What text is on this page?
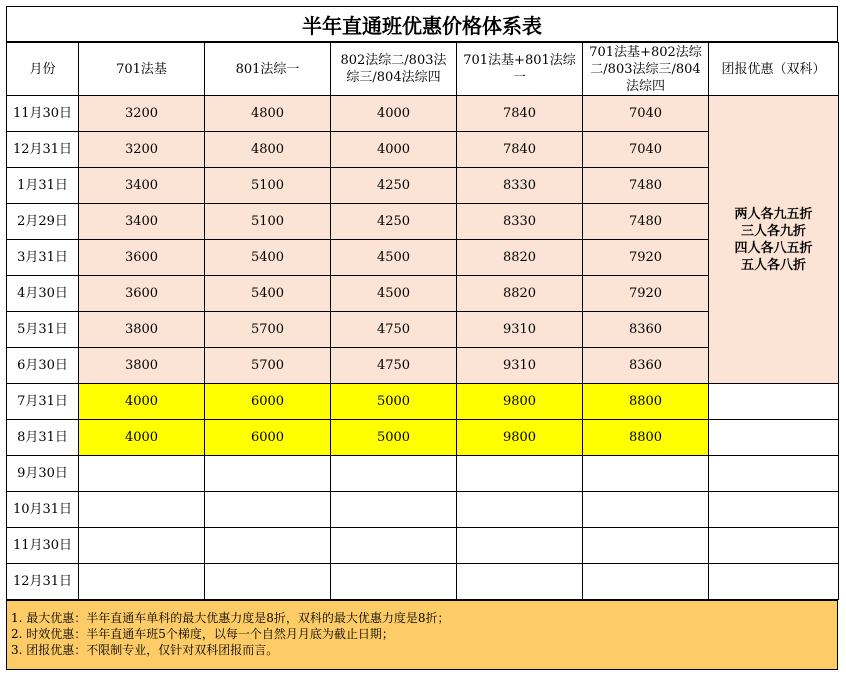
半年直通班优惠价格体系表
月份	701法基	801法综一	802法综二/803法综三/804法综四	701法基+801法综一	701法基+802法综二/803法综三/804法综四	团报优惠（双科）
11月30日	3200	4800	4000	7840	7040	两人各九五折
三人各九折
四人各八五折
五人各八折

12月31日	3200	4800	4000	7840	7040	
1月31日	3400	5100	4250	8330	7480	
2月29日	3400	5100	4250	8330	7480	
3月31日	3600	5400	4500	8820	7920	
4月30日	3600	5400	4500	8820	7920	
5月31日	3800	5700	4750	9310	8360	
6月30日	3800	5700	4750	9310	8360	
7月31日	4000	6000	5000	9800	8800	
8月31日	4000	6000	5000	9800	8800	
9月30日						
10月31日						
11月30日						
12月31日						
1. 最大优惠：半年直通车单科的最大优惠力度是8折，双科的最大优惠力度是8折；
2. 时效优惠：半年直通车班5个梯度，以每一个自然月月底为截止日期；
3. 团报优惠：不限制专业，仅针对双科团报而言。
